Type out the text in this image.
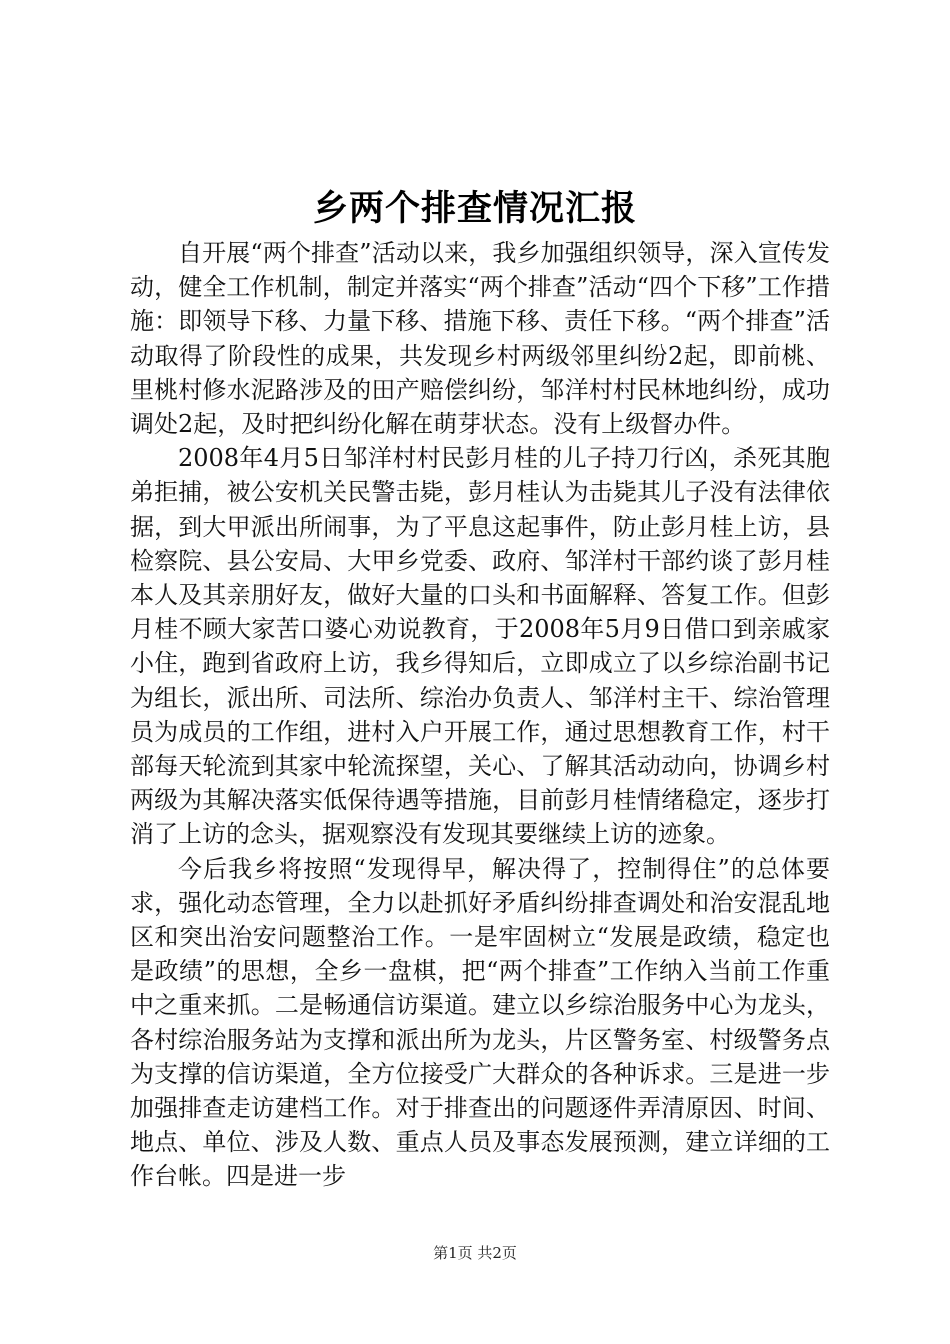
乡两个排查情况汇报

自开展“两个排查”活动以来，我乡加强组织领导，深入宣传发动，健全工作机制，制定并落实“两个排查”活动“四个下移”工作措施：即领导下移、力量下移、措施下移、责任下移。“两个排查”活动取得了阶段性的成果，共发现乡村两级邻里纠纷2起，即前桃、里桃村修水泥路涉及的田产赔偿纠纷，邹洋村村民林地纠纷，成功调处2起，及时把纠纷化解在萌芽状态。没有上级督办件。

2008年4月5日邹洋村村民彭月桂的儿子持刀行凶，杀死其胞弟拒捕，被公安机关民警击毙，彭月桂认为击毙其儿子没有法律依据，到大甲派出所闹事，为了平息这起事件，防止彭月桂上访，县检察院、县公安局、大甲乡党委、政府、邹洋村干部约谈了彭月桂本人及其亲朋好友，做好大量的口头和书面解释、答复工作。但彭月桂不顾大家苦口婆心劝说教育，于2008年5月9日借口到亲戚家小住，跑到省政府上访，我乡得知后，立即成立了以乡综治副书记为组长，派出所、司法所、综治办负责人、邹洋村主干、综治管理员为成员的工作组，进村入户开展工作，通过思想教育工作，村干部每天轮流到其家中轮流探望，关心、了解其活动动向，协调乡村两级为其解决落实低保待遇等措施，目前彭月桂情绪稳定，逐步打消了上访的念头，据观察没有发现其要继续上访的迹象。

今后我乡将按照“发现得早，解决得了，控制得住”的总体要求，强化动态管理，全力以赴抓好矛盾纠纷排查调处和治安混乱地区和突出治安问题整治工作。一是牢固树立“发展是政绩，稳定也是政绩”的思想，全乡一盘棋，把“两个排查”工作纳入当前工作重中之重来抓。二是畅通信访渠道。建立以乡综治服务中心为龙头，各村综治服务站为支撑和派出所为龙头，片区警务室、村级警务点为支撑的信访渠道，全方位接受广大群众的各种诉求。三是进一步加强排查走访建档工作。对于排查出的问题逐件弄清原因、时间、地点、单位、涉及人数、重点人员及事态发展预测，建立详细的工作台帐。四是进一步

第1页 共2页
